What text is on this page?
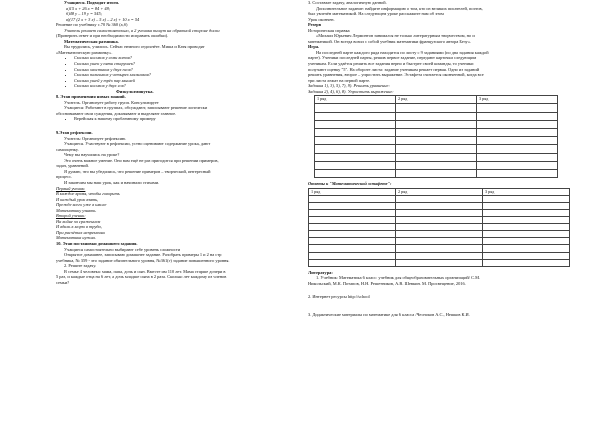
Учащиеся. Подводят итоги.

a)15 х + 26 х = 84 + 48;

б)48 у – 19 у = 545;

в)(17 (2 х + 3 х) – 5 х) – 2 х) + 10 х = 54

Решение по учебнику с.70 № 360 (а,б)

Учитель решает самостоятельно, а 2 ученика пишут на обратной стороне доски

(Проверить ответ и при необходимости исправить ошибки).

Математическая разминка.

Вы трудились, учились. Сейчас немного отдохнёте. Миша и Катя проводят

«Математическую разминку».

• Сколько носиков у семи котов?
• Сколько ушек у пяти старушек?
• Сколько хвостиков у двух псов?
• Сколько пальчиков у четырех мальчиков?
• Сколько ушей у трёх пар мышей
• Сколько носиков у двух сов?

Физкультминутка.

8. Этап применения новых знаний.

Учитель. Организует работу групп. Консультирует

Учащиеся: Работают в группах, обсуждают, записывают решение логически

обосновывают свои суждения, доказывают и выделяют главное.

• Верейская к нашему проблемному примеру

9.Этап рефлексии.

Учитель: Организует рефлексию.

Учащиеся. Участвуют в рефлексии, устно оценивают содержание урока, дают

самооценку.

Чему вы научились на уроке?

Это очень важное умение. Оно вам ещё не раз пригодится при решении примеров,

задач, уравнений.

Я думаю, что вы убедились, что решение примеров – творческий, интересный

процесс.

И закончим мы наш урок, как и начинали стихами.

Первый ученик:

В каждое время, чтобы говорить

И каждый урок взять,

Прежде всего уже в школе

Математику узнать.

Второй ученик:

На войне за сражением

И вдаль к морю в труда,

При расчётах непременно

Математика нужна.

10. Этап постановки домашнего задания.

Учащиеся самостоятельно выбирают себе уровень сложности

Открытое домашнее, записываю домашнее задание. Разобрать примеры 1 и 2 на стр

учебника, № 359 - это задание обязательного уровня, №361(г) задание повышенного уровня.

2. Решите задачу.

В семье 4 человека: мама, папа, дочь и сын. Вместе им 110 лет. Мама старше дочери в

5 раз, и каждые отца на 6 лет, а дочь младше сына в 2 раза. Сколько лет каждому из членов

семьи?

3. Составьте задачу, аналогичную данной.

Дополнительное задание: найдите информацию о том, кто из великих писателей, поэтов,

был увлечён математикой. На следующем уроке расскажите нам об этом

Урок окончен.

Резерв

Историческая справка

«Михаил Юрьевич Лермонтов занимался не только литературным творчеством, но и

математикой. Он всегда возил с собой учебник математики французского автора Безу».

Игра.

На последней парте каждого ряда находится по листу с 9 заданиями (по два задания каждой

парте). Ученики последней парты, решив первое задание, передают карточки следующим

ученикам. Если удаётся решить все задания верно и быстрее своей команды, то ученики

получают оценку "5". На обороте листа: задание ученикам решает первая. Одно из заданий

решить уравнения, второе – упростить выражение. Эстафета считается оконченной, когда все

три листа лежат на первой парте.

Задания 1), 3), 5), 7), 9). Решить уравнение:

Задания 2), 4), 6), 8). Упростить выражение:

1 ряд	2 ряд	3 ряд

Ответы к "Математической эстафете":

1 ряд	2 ряд	3 ряд

Литература:

1. Учебник: Математика 6 класс: учебник для общеобразовательных организаций/ С.М.

Никольский, М.К. Потапов, Н.Н. Решетников, А.В. Шевкин. М. Просвещение, 2016.

2. Интернет ресурсы http://school

3. Дидактические материалы по математике для 6 класса /Чесноков А.С., Нешков К.И.
